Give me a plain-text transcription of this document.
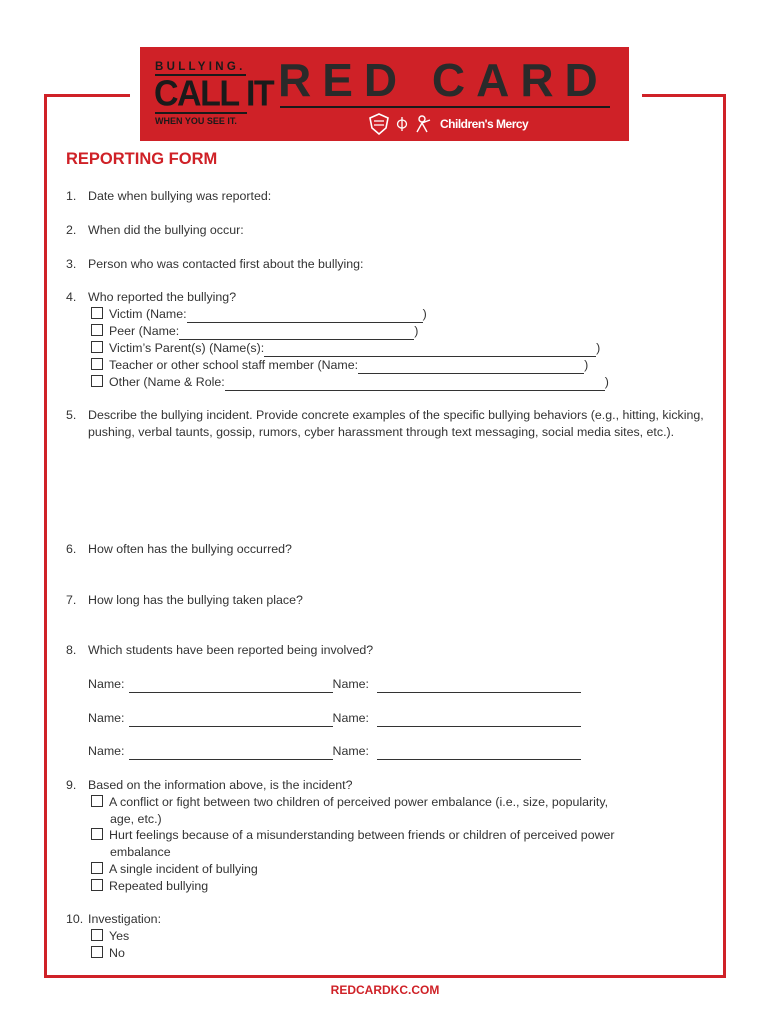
BULLYING.
CALL IT
WHEN YOU SEE IT.
RED CARD
Children's Mercy
REPORTING FORM
1. Date when bullying was reported:
2. When did the bullying occur:
3. Person who was contacted first about the bullying:
4. Who reported the bullying?
Victim (Name:	)
Peer (Name:	)
Victim’s Parent(s) (Name(s):	)
Teacher or other school staff member (Name:	)
Other (Name & Role:	)
5. Describe the bullying incident. Provide concrete examples of the specific bullying behaviors (e.g., hitting, kicking, pushing, verbal taunts, gossip, rumors, cyber harassment through text messaging, social media sites, etc.).
6. How often has the bullying occurred?
7. How long has the bullying taken place?
8. Which students have been reported being involved?
Name:	Name:
Name:	Name:
Name:	Name:
9. Based on the information above, is the incident?
A conflict or fight between two children of perceived power embalance (i.e., size, popularity,
age, etc.)
Hurt feelings because of a misunderstanding between friends or children of perceived power
embalance
A single incident of bullying
Repeated bullying
10. Investigation:
Yes
No
REDCARDKC.COM
